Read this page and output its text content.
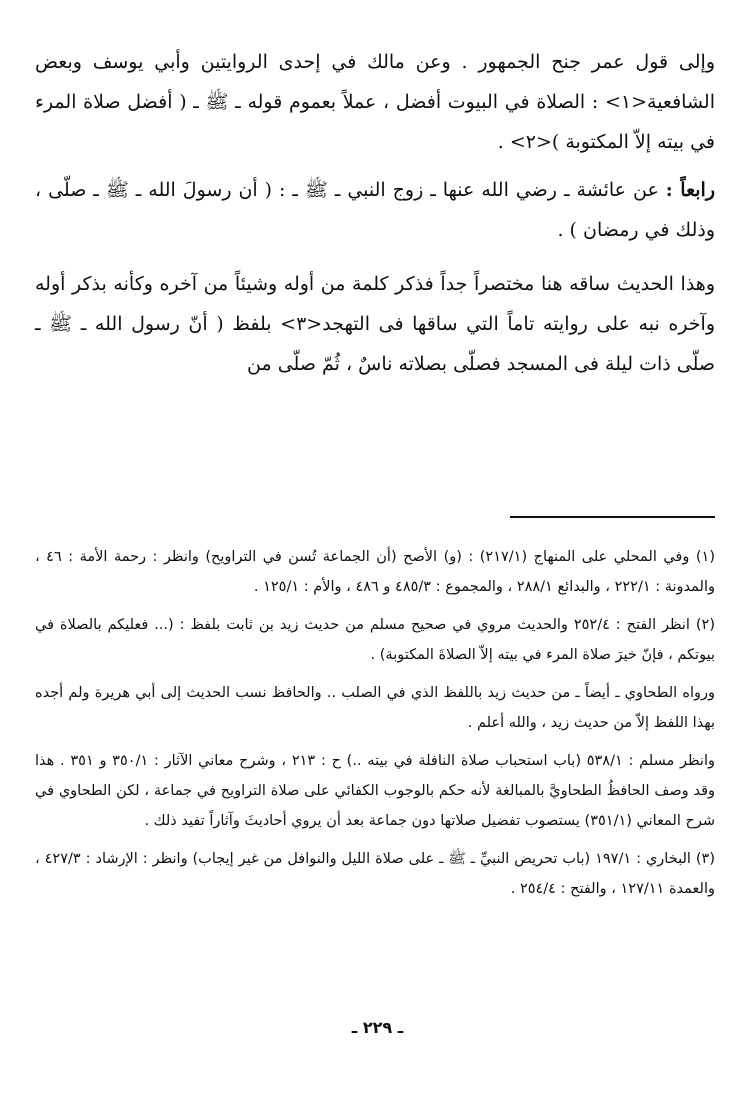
وإلى قول عمر جنح الجمهور . وعن مالك في إحدى الروايتين وأبي يوسف وبعض الشافعية<١> : الصلاة في البيوت أفضل ، عملاً بعموم قوله ـ ﷺ ـ ( أفضل صلاة المرء في بيته إلاّ المكتوبة )<٢> .

رابعاً : عن عائشة ـ رضي الله عنها ـ زوج النبي ـ ﷺ ـ : ( أن رسولَ الله ـ ﷺ ـ صلّى ، وذلك في رمضان ) .

وهذا الحديث ساقه هنا مختصراً جداً فذكر كلمة من أوله وشيئاً من آخره وكأنه بذكر أوله وآخره نبه على روايته تاماً التي ساقها فى التهجد<٣> بلفظ ( أنّ رسول الله ـ ﷺ ـ صلّى ذات ليلة فى المسجد فصلّى بصلاته ناسٌ ، ثُمّ صلّى من

(١) وفي المحلي على المنهاج (٢١٧/١) : (و) الأصح (أن الجماعة تُسن في التراويح) وانظر : رحمة الأمة : ٤٦ ، والمدونة : ٢٢٢/١ ، والبدائع ٢٨٨/١ ، والمجموع : ٤٨٥/٣ و ٤٨٦ ، والأم : ١٢٥/١ .

(٢) انظر الفتح : ٢٥٢/٤ والحديث مروي في صحيح مسلم من حديث زيد بن ثابت بلفظ : (... فعليكم بالصلاة في بيوتكم ، فإنّ خيرَ صلاة المرء في بيته إلاّ الصلاةَ المكتوبة) .

ورواه الطحاوي ـ أيضاً ـ من حديث زيد باللفظ الذي في الصلب .. والحافظ نسب الحديث إلى أبي هريرة ولم أجده بهذا اللفظ إلاّ من حديث زيد ، والله أعلم .

وانظر مسلم : ٥٣٨/١ (باب استحباب صلاة النافلة في بيته ..) ح : ٢١٣ ، وشرح معاني الآثار : ٣٥٠/١ و ٣٥١ . هذا وقد وصف الحافظُ الطحاويَّ بالمبالغة لأنه حكم بالوجوب الكفائي على صلاة التراويح في جماعة ، لكن الطحاوي في شرح المعاني (٣٥١/١) يستصوب تفضيل صلاتها دون جماعة بعد أن يروي أحاديثَ وآثاراً تفيد ذلك .

(٣) البخاري : ١٩٧/١ (باب تحريض النبيِّ ـ ﷺ ـ على صلاة الليل والنوافل من غير إيجاب) وانظر : الإرشاد : ٤٢٧/٣ ، والعمدة ١٢٧/١١ ، والفتح : ٢٥٤/٤ .

ـ ٢٢٩ ـ
